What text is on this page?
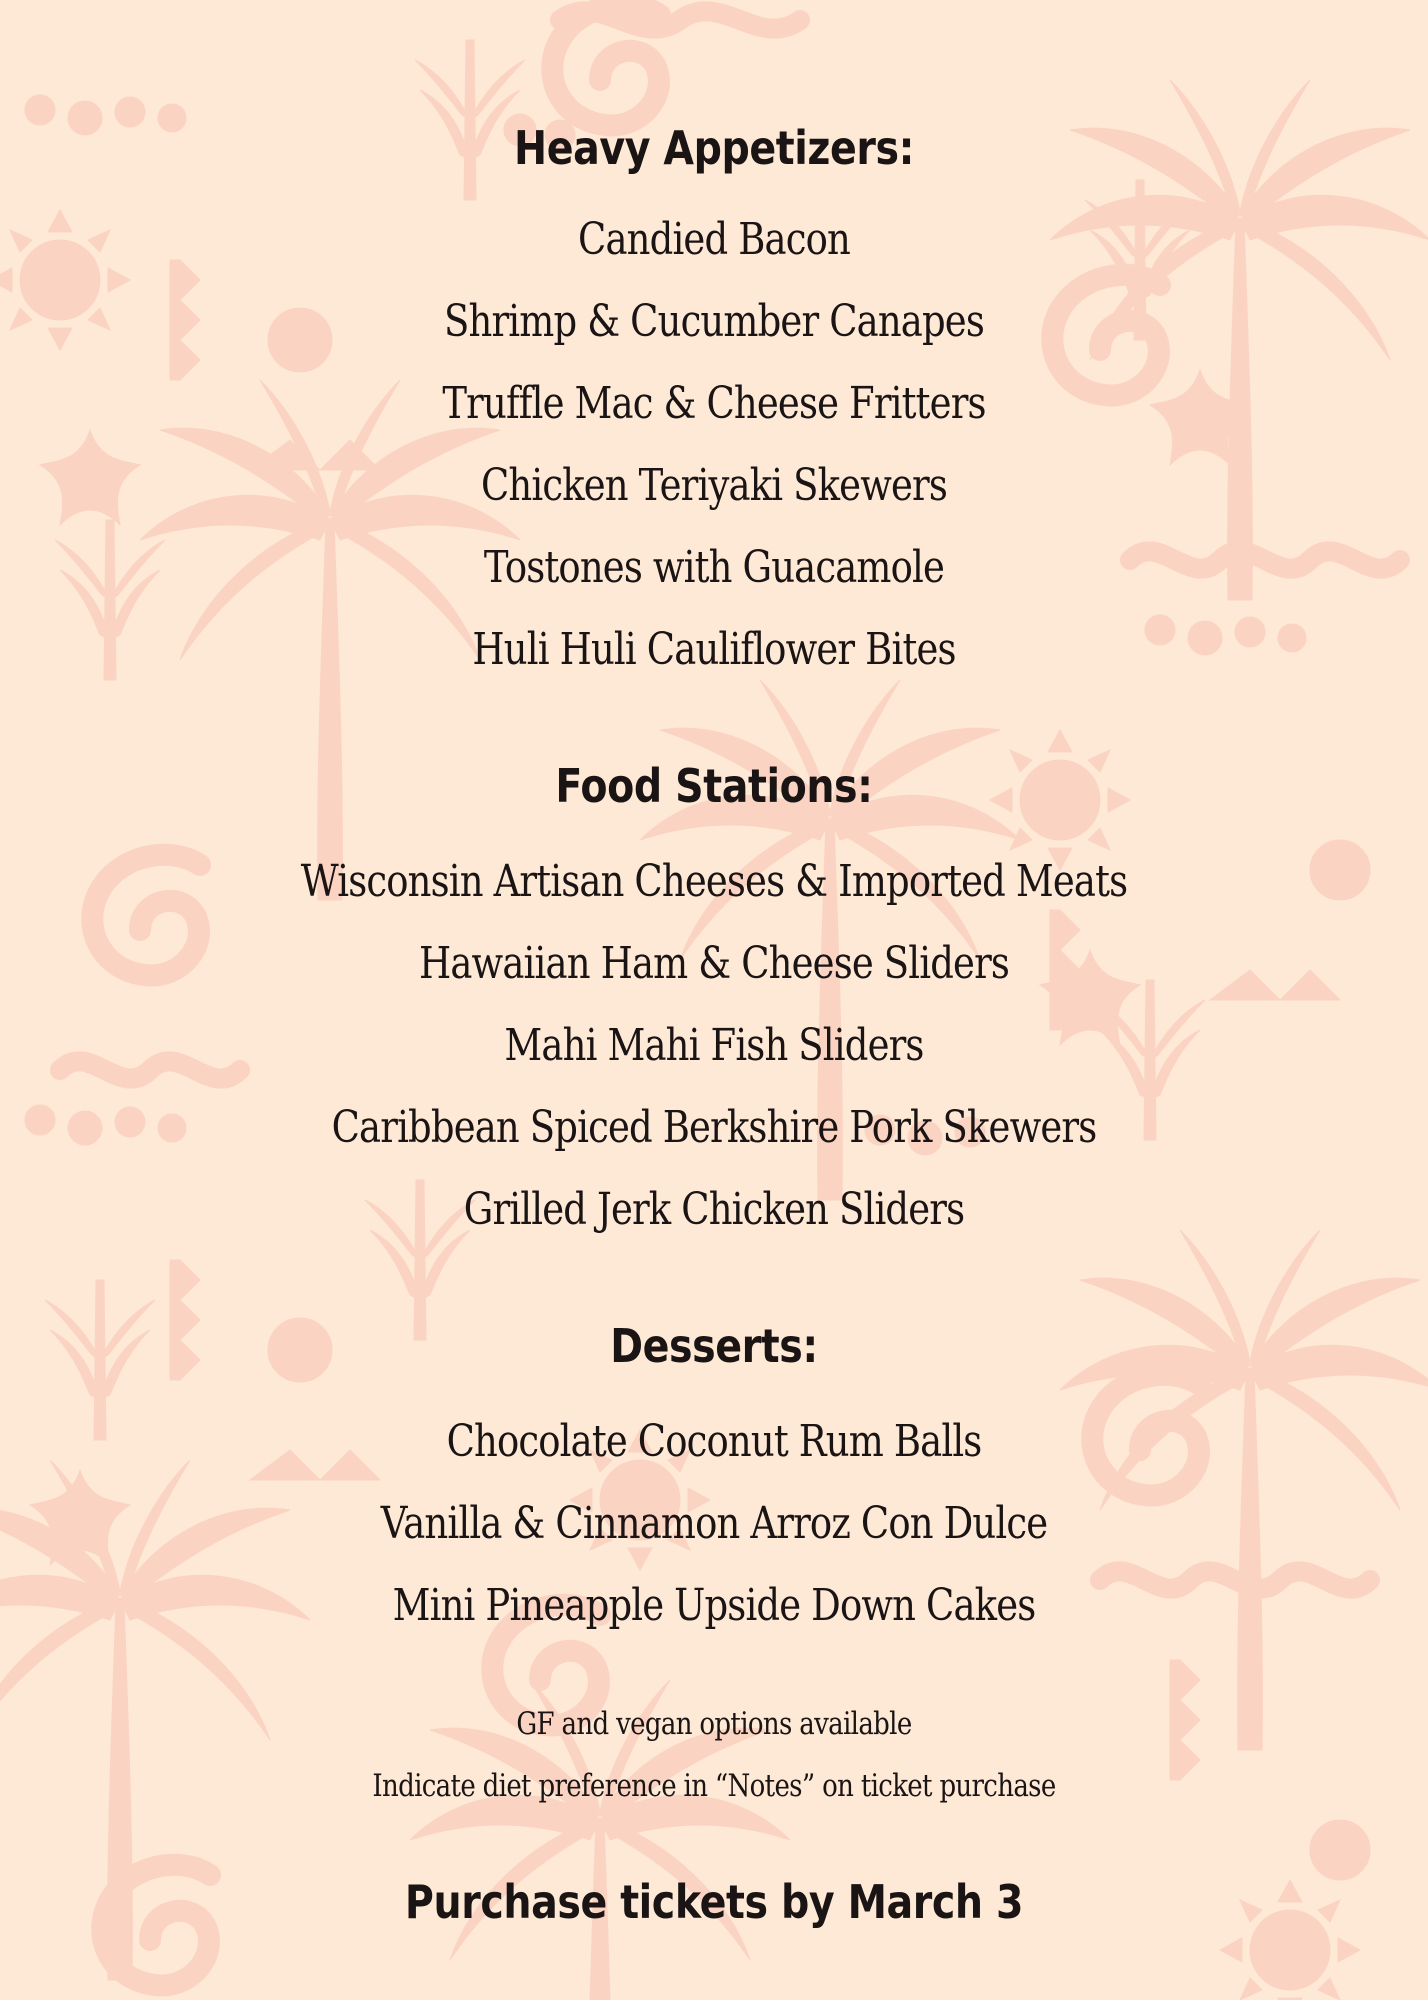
Heavy Appetizers:
Candied Bacon
Shrimp & Cucumber Canapes
Truffle Mac & Cheese Fritters
Chicken Teriyaki Skewers
Tostones with Guacamole
Huli Huli Cauliflower Bites
Food Stations:
Wisconsin Artisan Cheeses & Imported Meats
Hawaiian Ham & Cheese Sliders
Mahi Mahi Fish Sliders
Caribbean Spiced Berkshire Pork Skewers
Grilled Jerk Chicken Sliders
Desserts:
Chocolate Coconut Rum Balls
Vanilla & Cinnamon Arroz Con Dulce
Mini Pineapple Upside Down Cakes
GF and vegan options available
Indicate diet preference in “Notes” on ticket purchase
Purchase tickets by March 3
